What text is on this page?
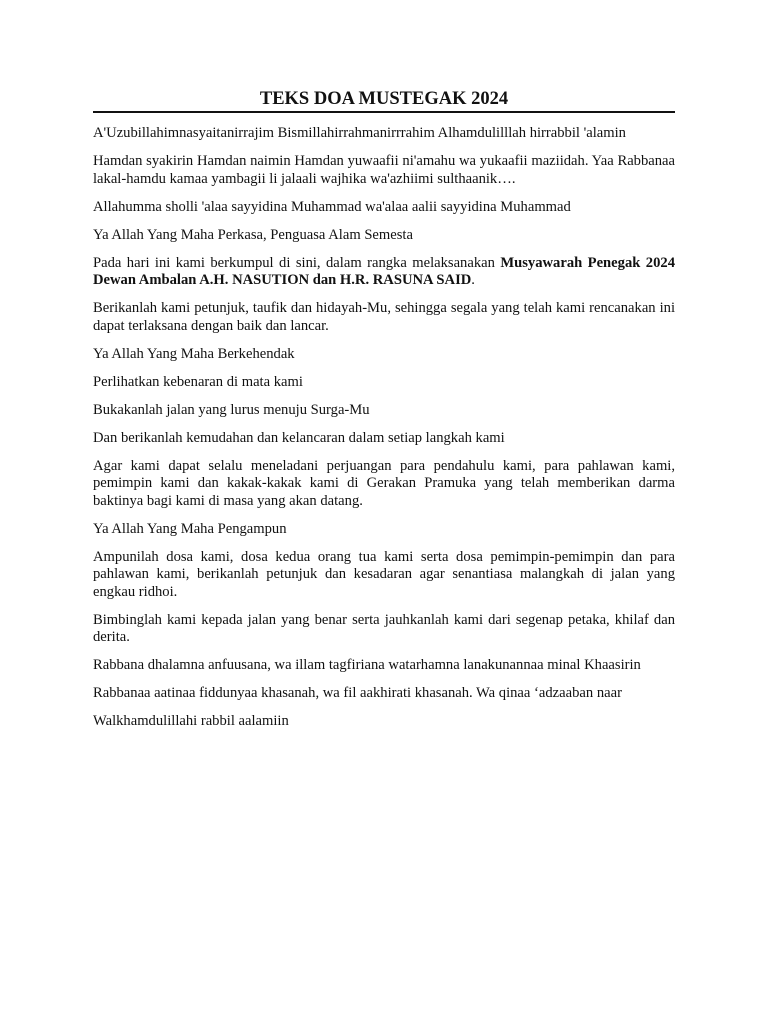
TEKS DOA MUSTEGAK 2024

A'Uzubillahimnasyaitanirrajim Bismillahirrahmanirrrahim Alhamdulilllah hirrabbil 'alamin

Hamdan syakirin Hamdan naimin Hamdan yuwaafii ni'amahu wa yukaafii maziidah. Yaa Rabbanaa lakal-hamdu kamaa yambagii li jalaali wajhika wa'azhiimi sulthaanik….

Allahumma sholli 'alaa sayyidina Muhammad wa'alaa aalii sayyidina Muhammad

Ya Allah Yang Maha Perkasa, Penguasa Alam Semesta

Pada hari ini kami berkumpul di sini, dalam rangka melaksanakan Musyawarah Penegak 2024 Dewan Ambalan A.H. NASUTION dan H.R. RASUNA SAID.

Berikanlah kami petunjuk, taufik dan hidayah-Mu, sehingga segala yang telah kami rencanakan ini dapat terlaksana dengan baik dan lancar.

Ya Allah Yang Maha Berkehendak

Perlihatkan kebenaran di mata kami

Bukakanlah jalan yang lurus menuju Surga-Mu

Dan berikanlah kemudahan dan kelancaran dalam setiap langkah kami

Agar kami dapat selalu meneladani perjuangan para pendahulu kami, para pahlawan kami, pemimpin kami dan kakak-kakak kami di Gerakan Pramuka yang telah memberikan darma baktinya bagi kami di masa yang akan datang.

Ya Allah Yang Maha Pengampun

Ampunilah dosa kami, dosa kedua orang tua kami serta dosa pemimpin-pemimpin dan para pahlawan kami, berikanlah petunjuk dan kesadaran agar senantiasa malangkah di jalan yang engkau ridhoi.

Bimbinglah kami kepada jalan yang benar serta jauhkanlah kami dari segenap petaka, khilaf dan derita.

Rabbana dhalamna anfuusana, wa illam tagfiriana watarhamna lanakunannaa minal Khaasirin

Rabbanaa aatinaa fiddunyaa khasanah, wa fil aakhirati khasanah. Wa qinaa ‘adzaaban naar

Walkhamdulillahi rabbil aalamiin
